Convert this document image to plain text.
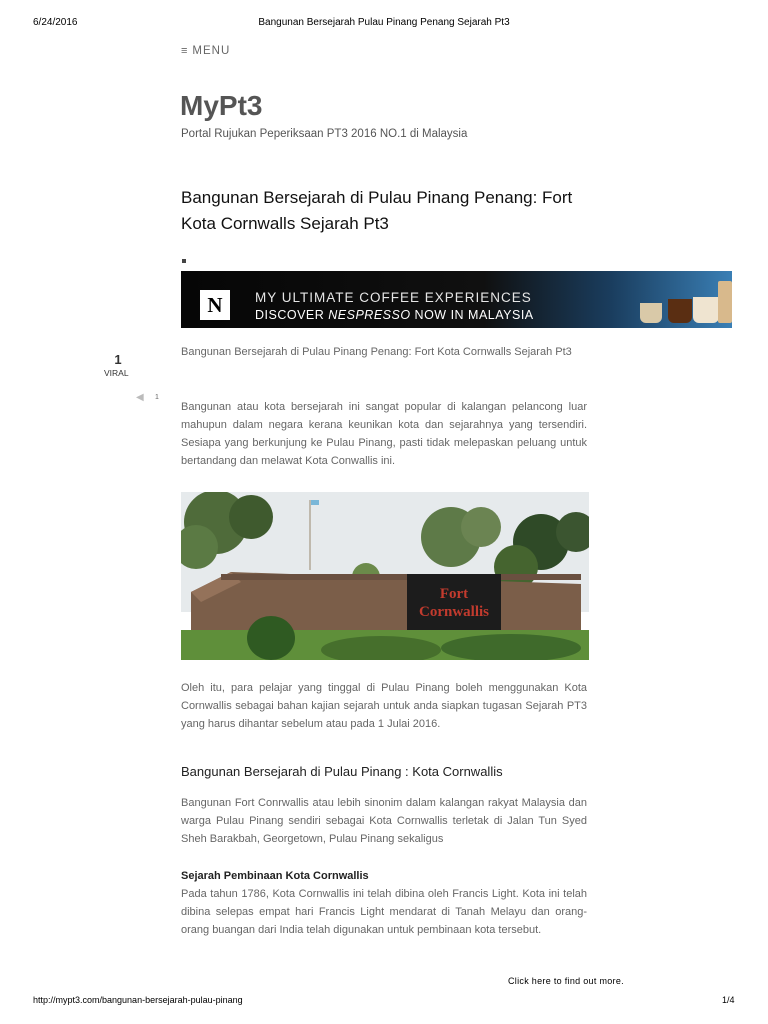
6/24/2016	Bangunan Bersejarah Pulau Pinang Penang Sejarah Pt3
≡ MENU
MyPt3
Portal Rujukan Peperiksaan PT3 2016 NO.1 di Malaysia
Bangunan Bersejarah di Pulau Pinang Penang: Fort Kota Cornwalls Sejarah Pt3
N	MY ULTIMATE COFFEE EXPERIENCES
DISCOVER NESPRESSO NOW IN MALAYSIA
1
VIRAL
◀ 1

Bangunan Bersejarah di Pulau Pinang Penang: Fort Kota Cornwalls Sejarah Pt3

Bangunan atau kota bersejarah ini sangat popular di kalangan pelancong luar mahupun dalam negara kerana keunikan kota dan sejarahnya yang tersendiri. Sesiapa yang berkunjung ke Pulau Pinang, pasti tidak melepaskan peluang untuk bertandang dan melawat Kota Conwallis ini.

Fort
Cornwallis

Oleh itu, para pelajar yang tinggal di Pulau Pinang boleh menggunakan Kota Cornwallis sebagai bahan kajian sejarah untuk anda siapkan tugasan Sejarah PT3 yang harus dihantar sebelum atau pada 1 Julai 2016.

Bangunan Bersejarah di Pulau Pinang : Kota Cornwallis

Bangunan Fort Conrwallis atau lebih sinonim dalam kalangan rakyat Malaysia dan warga Pulau Pinang sendiri sebagai Kota Cornwallis terletak di Jalan Tun Syed Sheh Barakbah, Georgetown, Pulau Pinang sekaligus

Sejarah Pembinaan Kota Cornwallis
Pada tahun 1786, Kota Cornwallis ini telah dibina oleh Francis Light. Kota ini telah dibina selepas empat hari Francis Light mendarat di Tanah Melayu dan orang-orang buangan dari India telah digunakan untuk pembinaan kota tersebut.
Click here to find out more.
http://mypt3.com/bangunan-bersejarah-pulau-pinang	1/4
